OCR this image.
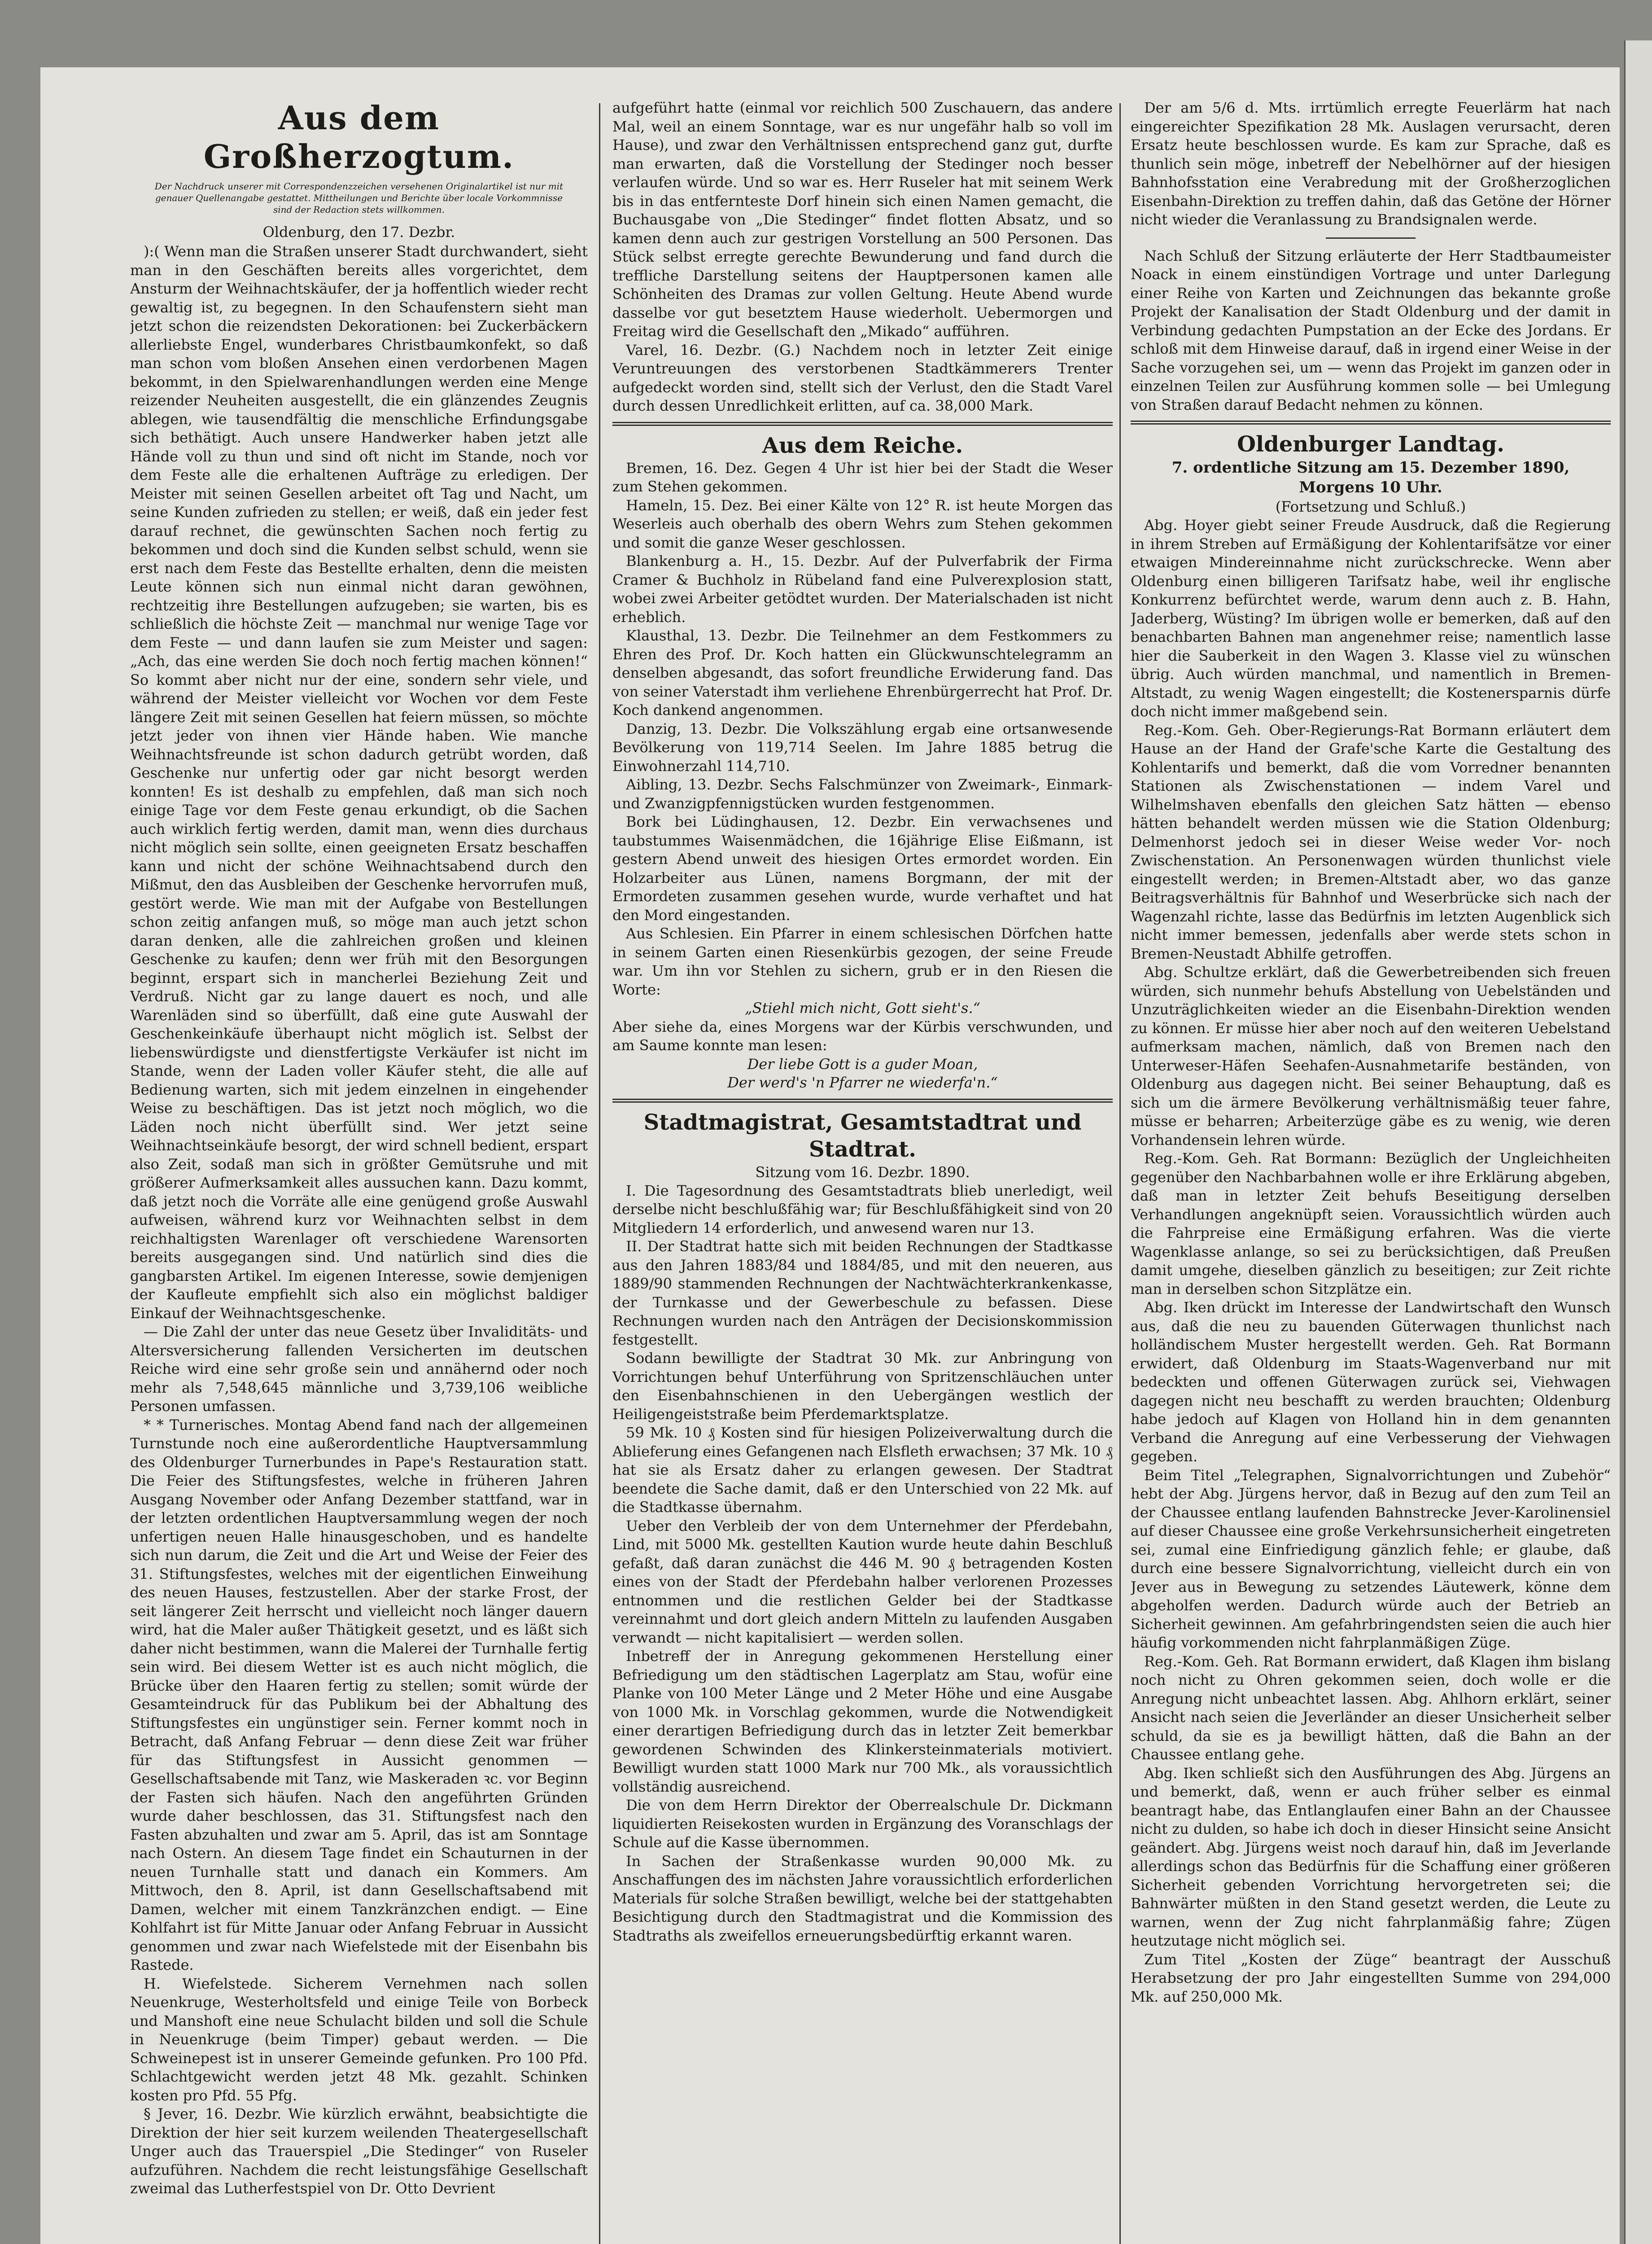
Aus dem Großherzogtum.
Der Nachdruck unserer mit Correspondenzzeichen versehenen Originalartikel ist nur mit genauer Quellenangabe gestattet. Mittheilungen und Berichte über locale Vorkommnisse sind der Redaction stets willkommen.
Oldenburg, den 17. Dezbr.

):( Wenn man die Straßen unserer Stadt durchwandert, sieht man in den Geschäften bereits alles vorgerichtet, dem Ansturm der Weihnachtskäufer, der ja hoffentlich wieder recht gewaltig ist, zu begegnen. In den Schaufenstern sieht man jetzt schon die reizendsten Dekorationen: bei Zuckerbäckern allerliebste Engel, wunderbares Christbaumkonfekt, so daß man schon vom bloßen Ansehen einen verdorbenen Magen bekommt, in den Spielwarenhandlungen werden eine Menge reizender Neuheiten ausgestellt, die ein glänzendes Zeugnis ablegen, wie tausendfältig die menschliche Erfindungsgabe sich bethätigt. Auch unsere Handwerker haben jetzt alle Hände voll zu thun und sind oft nicht im Stande, noch vor dem Feste alle die erhaltenen Aufträge zu erledigen. Der Meister mit seinen Gesellen arbeitet oft Tag und Nacht, um seine Kunden zufrieden zu stellen; er weiß, daß ein jeder fest darauf rechnet, die gewünschten Sachen noch fertig zu bekommen und doch sind die Kunden selbst schuld, wenn sie erst nach dem Feste das Bestellte erhalten, denn die meisten Leute können sich nun einmal nicht daran gewöhnen, rechtzeitig ihre Bestellungen aufzugeben; sie warten, bis es schließlich die höchste Zeit — manchmal nur wenige Tage vor dem Feste — und dann laufen sie zum Meister und sagen: „Ach, das eine werden Sie doch noch fertig machen können!“ So kommt aber nicht nur der eine, sondern sehr viele, und während der Meister vielleicht vor Wochen vor dem Feste längere Zeit mit seinen Gesellen hat feiern müssen, so möchte jetzt jeder von ihnen vier Hände haben. Wie manche Weihnachtsfreunde ist schon dadurch getrübt worden, daß Geschenke nur unfertig oder gar nicht besorgt werden konnten! Es ist deshalb zu empfehlen, daß man sich noch einige Tage vor dem Feste genau erkundigt, ob die Sachen auch wirklich fertig werden, damit man, wenn dies durchaus nicht möglich sein sollte, einen geeigneten Ersatz beschaffen kann und nicht der schöne Weihnachtsabend durch den Mißmut, den das Ausbleiben der Geschenke hervorrufen muß, gestört werde. Wie man mit der Aufgabe von Bestellungen schon zeitig anfangen muß, so möge man auch jetzt schon daran denken, alle die zahlreichen großen und kleinen Geschenke zu kaufen; denn wer früh mit den Besorgungen beginnt, erspart sich in mancherlei Beziehung Zeit und Verdruß. Nicht gar zu lange dauert es noch, und alle Warenläden sind so überfüllt, daß eine gute Auswahl der Geschenkeinkäufe überhaupt nicht möglich ist. Selbst der liebenswürdigste und dienstfertigste Verkäufer ist nicht im Stande, wenn der Laden voller Käufer steht, die alle auf Bedienung warten, sich mit jedem einzelnen in eingehender Weise zu beschäftigen. Das ist jetzt noch möglich, wo die Läden noch nicht überfüllt sind. Wer jetzt seine Weihnachtseinkäufe besorgt, der wird schnell bedient, erspart also Zeit, sodaß man sich in größter Gemütsruhe und mit größerer Aufmerksamkeit alles aussuchen kann. Dazu kommt, daß jetzt noch die Vorräte alle eine genügend große Auswahl aufweisen, während kurz vor Weihnachten selbst in dem reichhaltigsten Warenlager oft verschiedene Warensorten bereits ausgegangen sind. Und natürlich sind dies die gangbarsten Artikel. Im eigenen Interesse, sowie demjenigen der Kaufleute empfiehlt sich also ein möglichst baldiger Einkauf der Weihnachtsgeschenke.

— Die Zahl der unter das neue Gesetz über Invaliditäts- und Altersversicherung fallenden Versicherten im deutschen Reiche wird eine sehr große sein und annähernd oder noch mehr als 7,548,645 männliche und 3,739,106 weibliche Personen umfassen.

* * Turnerisches. Montag Abend fand nach der allgemeinen Turnstunde noch eine außerordentliche Hauptversammlung des Oldenburger Turnerbundes in Pape's Restauration statt. Die Feier des Stiftungsfestes, welche in früheren Jahren Ausgang November oder Anfang Dezember stattfand, war in der letzten ordentlichen Hauptversammlung wegen der noch unfertigen neuen Halle hinausgeschoben, und es handelte sich nun darum, die Zeit und die Art und Weise der Feier des 31. Stiftungsfestes, welches mit der eigentlichen Einweihung des neuen Hauses, festzustellen. Aber der starke Frost, der seit längerer Zeit herrscht und vielleicht noch länger dauern wird, hat die Maler außer Thätigkeit gesetzt, und es läßt sich daher nicht bestimmen, wann die Malerei der Turnhalle fertig sein wird. Bei diesem Wetter ist es auch nicht möglich, die Brücke über den Haaren fertig zu stellen; somit würde der Gesamteindruck für das Publikum bei der Abhaltung des Stiftungsfestes ein ungünstiger sein. Ferner kommt noch in Betracht, daß Anfang Februar — denn diese Zeit war früher für das Stiftungsfest in Aussicht genommen — Gesellschaftsabende mit Tanz, wie Maskeraden ꝛc. vor Beginn der Fasten sich häufen. Nach den angeführten Gründen wurde daher beschlossen, das 31. Stiftungsfest nach den Fasten abzuhalten und zwar am 5. April, das ist am Sonntage nach Ostern. An diesem Tage findet ein Schauturnen in der neuen Turnhalle statt und danach ein Kommers. Am Mittwoch, den 8. April, ist dann Gesellschaftsabend mit Damen, welcher mit einem Tanzkränzchen endigt. — Eine Kohlfahrt ist für Mitte Januar oder Anfang Februar in Aussicht genommen und zwar nach Wiefelstede mit der Eisenbahn bis Rastede.

H. Wiefelstede. Sicherem Vernehmen nach sollen Neuenkruge, Westerholtsfeld und einige Teile von Borbeck und Manshoft eine neue Schulacht bilden und soll die Schule in Neuenkruge (beim Timper) gebaut werden. — Die Schweinepest ist in unserer Gemeinde gefunken. Pro 100 Pfd. Schlachtgewicht werden jetzt 48 Mk. gezahlt. Schinken kosten pro Pfd. 55 Pfg.

§ Jever, 16. Dezbr. Wie kürzlich erwähnt, beabsichtigte die Direktion der hier seit kurzem weilenden Theatergesellschaft Unger auch das Trauerspiel „Die Stedinger“ von Ruseler aufzuführen. Nachdem die recht leistungsfähige Gesellschaft zweimal das Lutherfestspiel von Dr. Otto Devrient

aufgeführt hatte (einmal vor reichlich 500 Zuschauern, das andere Mal, weil an einem Sonntage, war es nur ungefähr halb so voll im Hause), und zwar den Verhältnissen entsprechend ganz gut, durfte man erwarten, daß die Vorstellung der Stedinger noch besser verlaufen würde. Und so war es. Herr Ruseler hat mit seinem Werk bis in das entfernteste Dorf hinein sich einen Namen gemacht, die Buchausgabe von „Die Stedinger“ findet flotten Absatz, und so kamen denn auch zur gestrigen Vorstellung an 500 Personen. Das Stück selbst erregte gerechte Bewunderung und fand durch die treffliche Darstellung seitens der Hauptpersonen kamen alle Schönheiten des Dramas zur vollen Geltung. Heute Abend wurde dasselbe vor gut besetztem Hause wiederholt. Uebermorgen und Freitag wird die Gesellschaft den „Mikado“ aufführen.

Varel, 16. Dezbr. (G.) Nachdem noch in letzter Zeit einige Veruntreuungen des verstorbenen Stadtkämmerers Trenter aufgedeckt worden sind, stellt sich der Verlust, den die Stadt Varel durch dessen Unredlichkeit erlitten, auf ca. 38,000 Mark.

Aus dem Reiche.

Bremen, 16. Dez. Gegen 4 Uhr ist hier bei der Stadt die Weser zum Stehen gekommen.

Hameln, 15. Dez. Bei einer Kälte von 12° R. ist heute Morgen das Weserleis auch oberhalb des obern Wehrs zum Stehen gekommen und somit die ganze Weser geschlossen.

Blankenburg a. H., 15. Dezbr. Auf der Pulverfabrik der Firma Cramer & Buchholz in Rübeland fand eine Pulverexplosion statt, wobei zwei Arbeiter getödtet wurden. Der Materialschaden ist nicht erheblich.

Klausthal, 13. Dezbr. Die Teilnehmer an dem Festkommers zu Ehren des Prof. Dr. Koch hatten ein Glückwunschtelegramm an denselben abgesandt, das sofort freundliche Erwiderung fand. Das von seiner Vaterstadt ihm verliehene Ehrenbürgerrecht hat Prof. Dr. Koch dankend angenommen.

Danzig, 13. Dezbr. Die Volkszählung ergab eine ortsanwesende Bevölkerung von 119,714 Seelen. Im Jahre 1885 betrug die Einwohnerzahl 114,710.

Aibling, 13. Dezbr. Sechs Falschmünzer von Zweimark-, Einmark- und Zwanzigpfennigstücken wurden festgenommen.

Bork bei Lüdinghausen, 12. Dezbr. Ein verwachsenes und taubstummes Waisenmädchen, die 16jährige Elise Eißmann, ist gestern Abend unweit des hiesigen Ortes ermordet worden. Ein Holzarbeiter aus Lünen, namens Borgmann, der mit der Ermordeten zusammen gesehen wurde, wurde verhaftet und hat den Mord eingestanden.

Aus Schlesien. Ein Pfarrer in einem schlesischen Dörfchen hatte in seinem Garten einen Riesenkürbis gezogen, der seine Freude war. Um ihn vor Stehlen zu sichern, grub er in den Riesen die Worte:

„Stiehl mich nicht, Gott sieht's.“

Aber siehe da, eines Morgens war der Kürbis verschwunden, und am Saume konnte man lesen:

Der liebe Gott is a guder Moan,

Der werd's 'n Pfarrer ne wiederfa'n.“

Stadtmagistrat, Gesamtstadtrat und Stadtrat.
Sitzung vom 16. Dezbr. 1890.

I. Die Tagesordnung des Gesamtstadtrats blieb unerledigt, weil derselbe nicht beschlußfähig war; für Beschlußfähigkeit sind von 20 Mitgliedern 14 erforderlich, und anwesend waren nur 13.

II. Der Stadtrat hatte sich mit beiden Rechnungen der Stadtkasse aus den Jahren 1883/84 und 1884/85, und mit den neueren, aus 1889/90 stammenden Rechnungen der Nachtwächterkrankenkasse, der Turnkasse und der Gewerbeschule zu befassen. Diese Rechnungen wurden nach den Anträgen der Decisionskommission festgestellt.

Sodann bewilligte der Stadtrat 30 Mk. zur Anbringung von Vorrichtungen behuf Unterführung von Spritzenschläuchen unter den Eisenbahnschienen in den Uebergängen westlich der Heiligengeiststraße beim Pferdemarktsplatze.

59 Mk. 10 ₰ Kosten sind für hiesigen Polizeiverwaltung durch die Ablieferung eines Gefangenen nach Elsfleth erwachsen; 37 Mk. 10 ₰ hat sie als Ersatz daher zu erlangen gewesen. Der Stadtrat beendete die Sache damit, daß er den Unterschied von 22 Mk. auf die Stadtkasse übernahm.

Ueber den Verbleib der von dem Unternehmer der Pferdebahn, Lind, mit 5000 Mk. gestellten Kaution wurde heute dahin Beschluß gefaßt, daß daran zunächst die 446 M. 90 ₰ betragenden Kosten eines von der Stadt der Pferdebahn halber verlorenen Prozesses entnommen und die restlichen Gelder bei der Stadtkasse vereinnahmt und dort gleich andern Mitteln zu laufenden Ausgaben verwandt — nicht kapitalisiert — werden sollen.

Inbetreff der in Anregung gekommenen Herstellung einer Befriedigung um den städtischen Lagerplatz am Stau, wofür eine Planke von 100 Meter Länge und 2 Meter Höhe und eine Ausgabe von 1000 Mk. in Vorschlag gekommen, wurde die Notwendigkeit einer derartigen Befriedigung durch das in letzter Zeit bemerkbar gewordenen Schwinden des Klinkersteinmaterials motiviert. Bewilligt wurden statt 1000 Mark nur 700 Mk., als voraussichtlich vollständig ausreichend.

Die von dem Herrn Direktor der Oberrealschule Dr. Dickmann liquidierten Reisekosten wurden in Ergänzung des Voranschlags der Schule auf die Kasse übernommen.

In Sachen der Straßenkasse wurden 90,000 Mk. zu Anschaffungen des im nächsten Jahre voraussichtlich erforderlichen Materials für solche Straßen bewilligt, welche bei der stattgehabten Besichtigung durch den Stadtmagistrat und die Kommission des Stadtraths als zweifellos erneuerungsbedürftig erkannt waren.

Der am 5/6 d. Mts. irrtümlich erregte Feuerlärm hat nach eingereichter Spezifikation 28 Mk. Auslagen verursacht, deren Ersatz heute beschlossen wurde. Es kam zur Sprache, daß es thunlich sein möge, inbetreff der Nebelhörner auf der hiesigen Bahnhofsstation eine Verabredung mit der Großherzoglichen Eisenbahn-Direktion zu treffen dahin, daß das Getöne der Hörner nicht wieder die Veranlassung zu Brandsignalen werde.

Nach Schluß der Sitzung erläuterte der Herr Stadtbaumeister Noack in einem einstündigen Vortrage und unter Darlegung einer Reihe von Karten und Zeichnungen das bekannte große Projekt der Kanalisation der Stadt Oldenburg und der damit in Verbindung gedachten Pumpstation an der Ecke des Jordans. Er schloß mit dem Hinweise darauf, daß in irgend einer Weise in der Sache vorzugehen sei, um — wenn das Projekt im ganzen oder in einzelnen Teilen zur Ausführung kommen solle — bei Umlegung von Straßen darauf Bedacht nehmen zu können.

Oldenburger Landtag.
7. ordentliche Sitzung am 15. Dezember 1890,
Morgens 10 Uhr.
(Fortsetzung und Schluß.)

Abg. Hoyer giebt seiner Freude Ausdruck, daß die Regierung in ihrem Streben auf Ermäßigung der Kohlentarifsätze vor einer etwaigen Mindereinnahme nicht zurückschrecke. Wenn aber Oldenburg einen billigeren Tarifsatz habe, weil ihr englische Konkurrenz befürchtet werde, warum denn auch z. B. Hahn, Jaderberg, Wüsting? Im übrigen wolle er bemerken, daß auf den benachbarten Bahnen man angenehmer reise; namentlich lasse hier die Sauberkeit in den Wagen 3. Klasse viel zu wünschen übrig. Auch würden manchmal, und namentlich in Bremen-Altstadt, zu wenig Wagen eingestellt; die Kostenersparnis dürfe doch nicht immer maßgebend sein.

Reg.-Kom. Geh. Ober-Regierungs-Rat Bormann erläutert dem Hause an der Hand der Grafe'sche Karte die Gestaltung des Kohlentarifs und bemerkt, daß die vom Vorredner benannten Stationen als Zwischenstationen — indem Varel und Wilhelmshaven ebenfalls den gleichen Satz hätten — ebenso hätten behandelt werden müssen wie die Station Oldenburg; Delmenhorst jedoch sei in dieser Weise weder Vor- noch Zwischenstation. An Personenwagen würden thunlichst viele eingestellt werden; in Bremen-Altstadt aber, wo das ganze Beitragsverhältnis für Bahnhof und Weserbrücke sich nach der Wagenzahl richte, lasse das Bedürfnis im letzten Augenblick sich nicht immer bemessen, jedenfalls aber werde stets schon in Bremen-Neustadt Abhilfe getroffen.

Abg. Schultze erklärt, daß die Gewerbetreibenden sich freuen würden, sich nunmehr behufs Abstellung von Uebelständen und Unzuträglichkeiten wieder an die Eisenbahn-Direktion wenden zu können. Er müsse hier aber noch auf den weiteren Uebelstand aufmerksam machen, nämlich, daß von Bremen nach den Unterweser-Häfen Seehafen-Ausnahmetarife beständen, von Oldenburg aus dagegen nicht. Bei seiner Behauptung, daß es sich um die ärmere Bevölkerung verhältnismäßig teuer fahre, müsse er beharren; Arbeiterzüge gäbe es zu wenig, wie deren Vorhandensein lehren würde.

Reg.-Kom. Geh. Rat Bormann: Bezüglich der Ungleichheiten gegenüber den Nachbarbahnen wolle er ihre Erklärung abgeben, daß man in letzter Zeit behufs Beseitigung derselben Verhandlungen angeknüpft seien. Voraussichtlich würden auch die Fahrpreise eine Ermäßigung erfahren. Was die vierte Wagenklasse anlange, so sei zu berücksichtigen, daß Preußen damit umgehe, dieselben gänzlich zu beseitigen; zur Zeit richte man in derselben schon Sitzplätze ein.

Abg. Iken drückt im Interesse der Landwirtschaft den Wunsch aus, daß die neu zu bauenden Güterwagen thunlichst nach holländischem Muster hergestellt werden. Geh. Rat Bormann erwidert, daß Oldenburg im Staats-Wagenverband nur mit bedeckten und offenen Güterwagen zurück sei, Viehwagen dagegen nicht neu beschafft zu werden brauchten; Oldenburg habe jedoch auf Klagen von Holland hin in dem genannten Verband die Anregung auf eine Verbesserung der Viehwagen gegeben.

Beim Titel „Telegraphen, Signalvorrichtungen und Zubehör“ hebt der Abg. Jürgens hervor, daß in Bezug auf den zum Teil an der Chaussee entlang laufenden Bahnstrecke Jever-Karolinensiel auf dieser Chaussee eine große Verkehrsunsicherheit eingetreten sei, zumal eine Einfriedigung gänzlich fehle; er glaube, daß durch eine bessere Signalvorrichtung, vielleicht durch ein von Jever aus in Bewegung zu setzendes Läutewerk, könne dem abgeholfen werden. Dadurch würde auch der Betrieb an Sicherheit gewinnen. Am gefahrbringendsten seien die auch hier häufig vorkommenden nicht fahrplanmäßigen Züge.

Reg.-Kom. Geh. Rat Bormann erwidert, daß Klagen ihm bislang noch nicht zu Ohren gekommen seien, doch wolle er die Anregung nicht unbeachtet lassen. Abg. Ahlhorn erklärt, seiner Ansicht nach seien die Jeverländer an dieser Unsicherheit selber schuld, da sie es ja bewilligt hätten, daß die Bahn an der Chaussee entlang gehe.

Abg. Iken schließt sich den Ausführungen des Abg. Jürgens an und bemerkt, daß, wenn er auch früher selber es einmal beantragt habe, das Entlanglaufen einer Bahn an der Chaussee nicht zu dulden, so habe ich doch in dieser Hinsicht seine Ansicht geändert. Abg. Jürgens weist noch darauf hin, daß im Jeverlande allerdings schon das Bedürfnis für die Schaffung einer größeren Sicherheit gebenden Vorrichtung hervorgetreten sei; die Bahnwärter müßten in den Stand gesetzt werden, die Leute zu warnen, wenn der Zug nicht fahrplanmäßig fahre; Zügen heutzutage nicht möglich sei.

Zum Titel „Kosten der Züge“ beantragt der Ausschuß Herabsetzung der pro Jahr eingestellten Summe von 294,000 Mk. auf 250,000 Mk.
